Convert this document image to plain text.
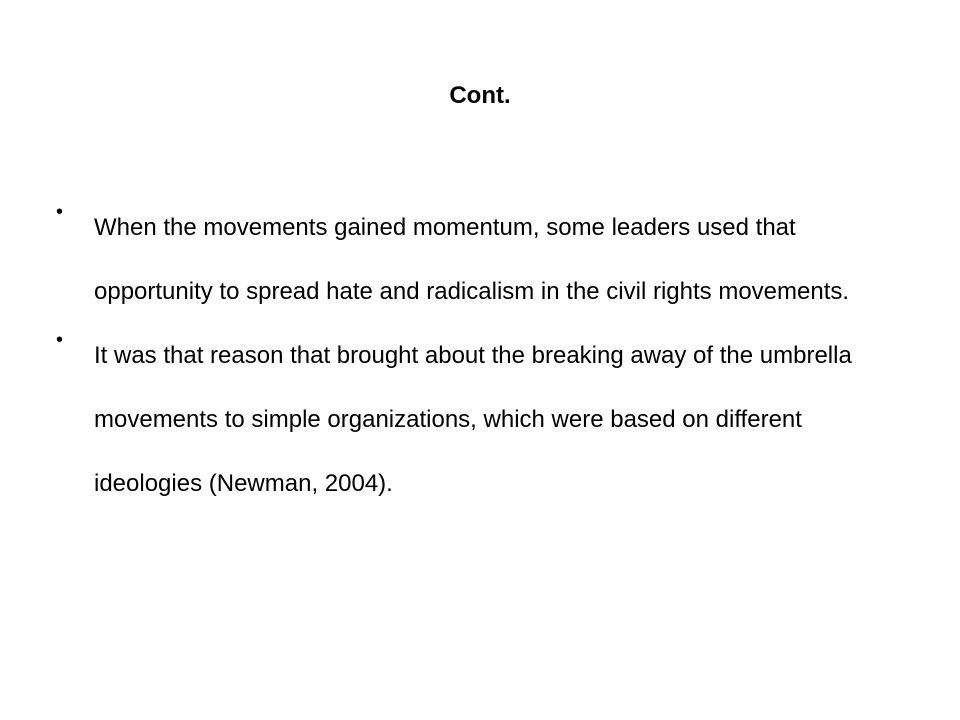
Cont.
•
When the movements gained momentum, some leaders used that opportunity to spread hate and radicalism in the civil rights movements.
•
It was that reason that brought about the breaking away of the umbrella movements to simple organizations, which were based on different ideologies (Newman, 2004).
